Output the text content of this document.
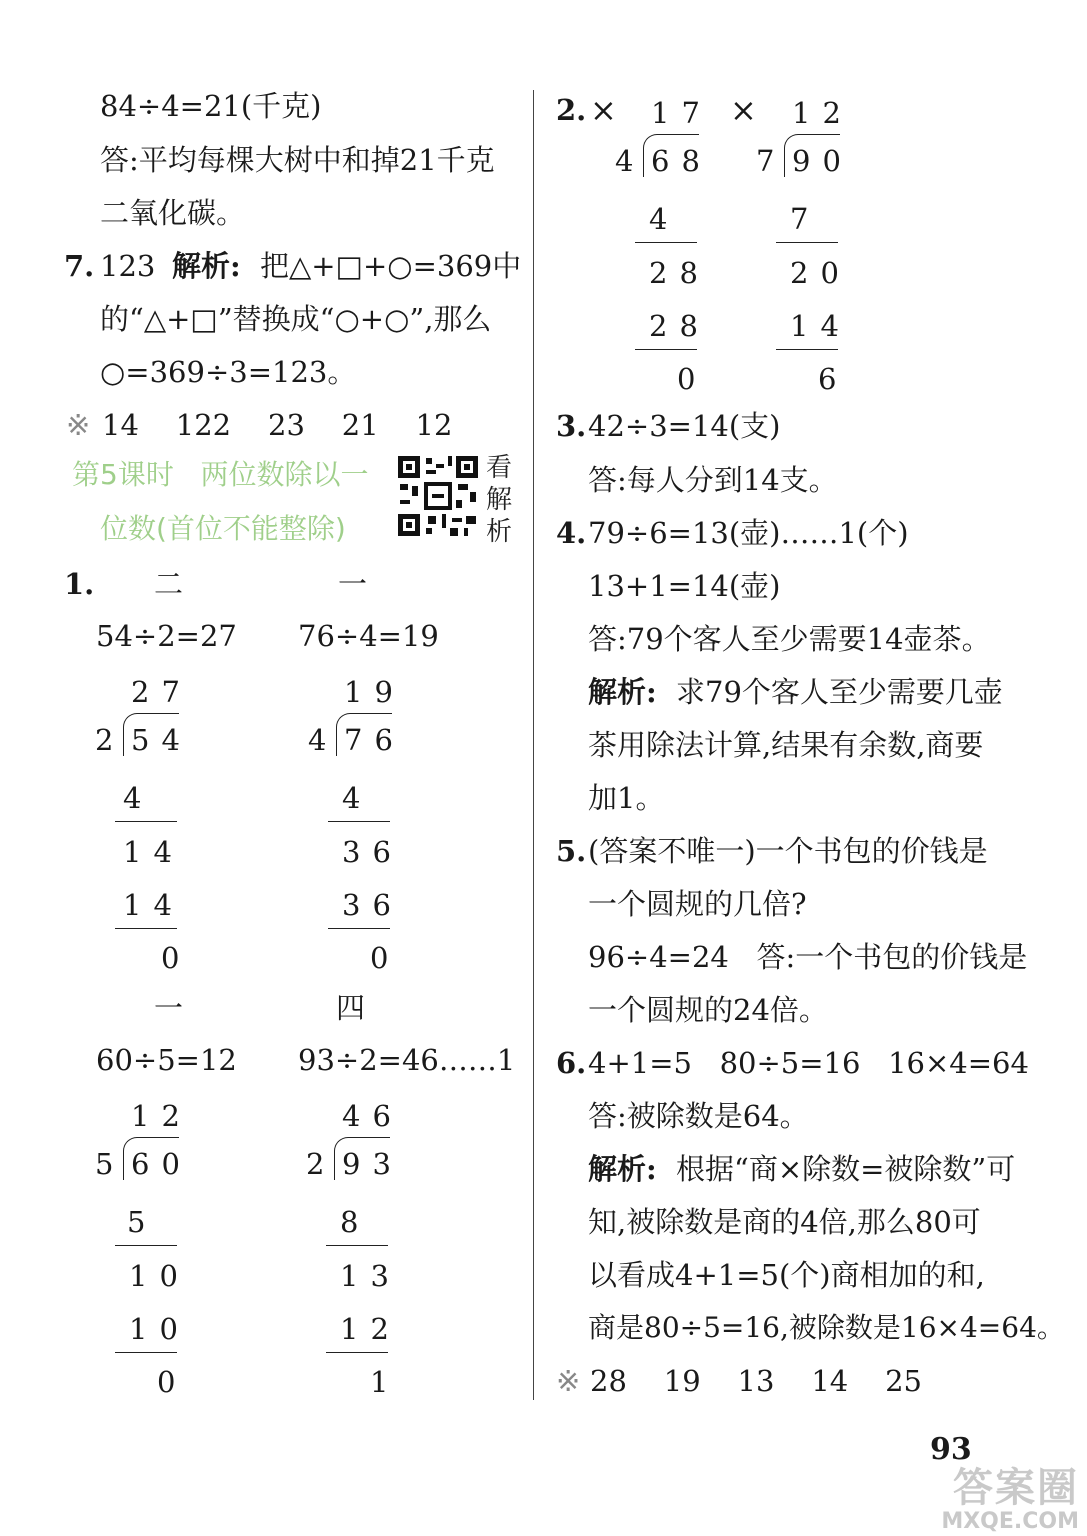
84÷4=21(千克)
答:平均每棵大树中和掉21千克
二氧化碳。
7. 123 解析: 把△+□+○=369中
的“△+□”替换成“○+○”,那么
○=369÷3=123。
※ 14    122    23    21    12
第5课时   两位数除以一
位数(首位不能整除)
看
解
析
1. 二	一
54÷2=27 76÷4=19
27
2 54
4
14
14
0
19
4 76
4
36
36
0
一	四
60÷5=12 93÷2=46……1
12
5 60
5
10
10
0
46
2 93
8
13
12
1
2. ×	×
17
4 68
4
28
28
0
12
7 90
7
20
14
6
3. 42÷3=14(支)
答:每人分到14支。
4. 79÷6=13(壶)……1(个)
13+1=14(壶)
答:79个客人至少需要14壶茶。
解析: 求79个客人至少需要几壶
茶用除法计算,结果有余数,商要
加1。
5. (答案不唯一)一个书包的价钱是
一个圆规的几倍?
96÷4=24   答:一个书包的价钱是
一个圆规的24倍。
6. 4+1=5   80÷5=16   16×4=64
答:被除数是64。
解析: 根据“商×除数=被除数”可
知,被除数是商的4倍,那么80可
以看成4+1=5(个)商相加的和,
商是80÷5=16,被除数是16×4=64。
※ 28    19    13    14    25
93
答案圈
MXQE.COM
